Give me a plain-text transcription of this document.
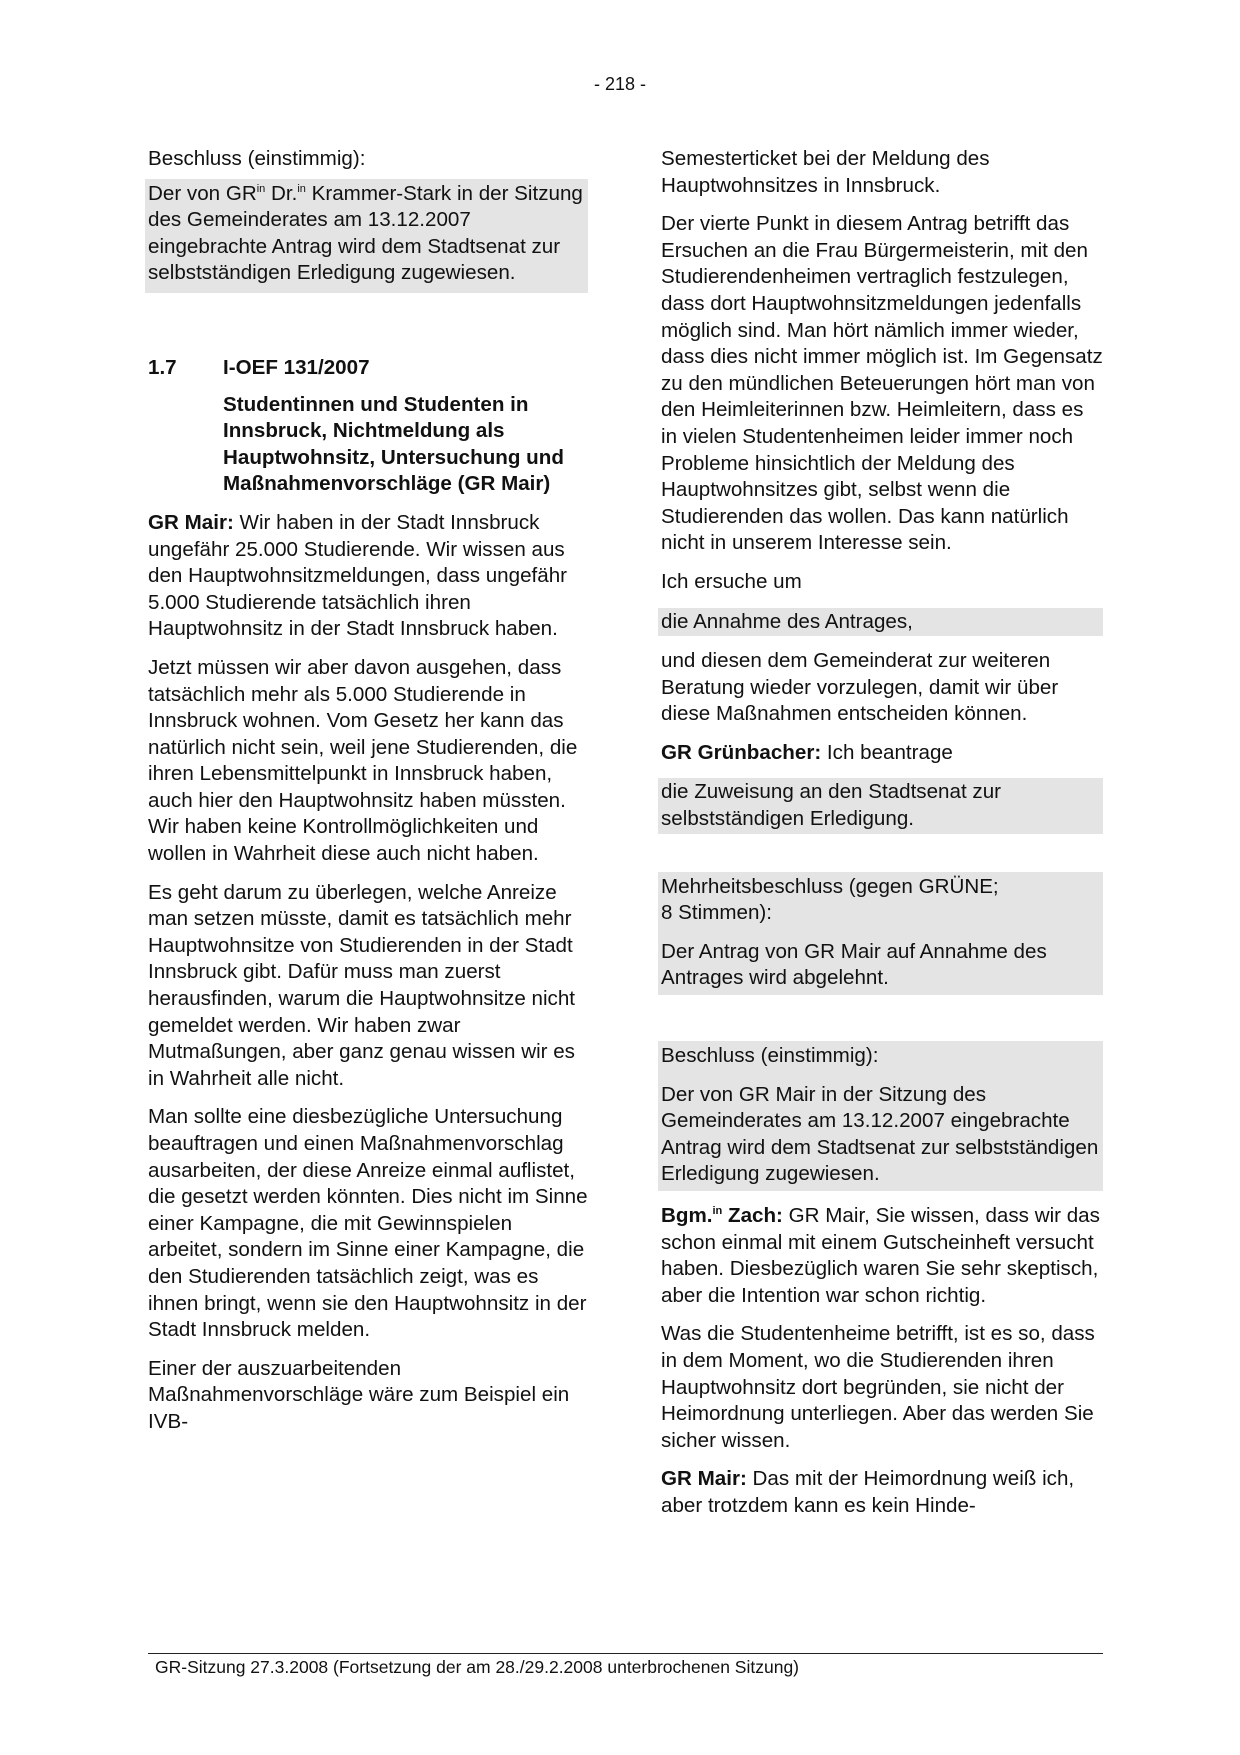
- 218 -

Beschluss (einstimmig):

Der von $GR^{in}$ Dr.$^{in}$ Krammer-Stark in der Sitzung des Gemeinderates am 13.12.2007 eingebrachte Antrag wird dem Stadtsenat zur selbstständigen Erledigung zugewiesen.

1.7	I-OEF 131/2007
Studentinnen und Studenten in Innsbruck, Nichtmeldung als Hauptwohnsitz, Untersuchung und Maßnahmenvorschläge (GR Mair)

GR Mair: Wir haben in der Stadt Innsbruck ungefähr 25.000 Studierende. Wir wissen aus den Hauptwohnsitzmeldungen, dass ungefähr 5.000 Studierende tatsächlich ihren Hauptwohnsitz in der Stadt Innsbruck haben.

Jetzt müssen wir aber davon ausgehen, dass tatsächlich mehr als 5.000 Studierende in Innsbruck wohnen. Vom Gesetz her kann das natürlich nicht sein, weil jene Studierenden, die ihren Lebensmittelpunkt in Innsbruck haben, auch hier den Hauptwohnsitz haben müssten. Wir haben keine Kontrollmöglichkeiten und wollen in Wahrheit diese auch nicht haben.

Es geht darum zu überlegen, welche Anreize man setzen müsste, damit es tatsächlich mehr Hauptwohnsitze von Studierenden in der Stadt Innsbruck gibt. Dafür muss man zuerst herausfinden, warum die Hauptwohnsitze nicht gemeldet werden. Wir haben zwar Mutmaßungen, aber ganz genau wissen wir es in Wahrheit alle nicht.

Man sollte eine diesbezügliche Untersuchung beauftragen und einen Maßnahmenvorschlag ausarbeiten, der diese Anreize einmal auflistet, die gesetzt werden könnten. Dies nicht im Sinne einer Kampagne, die mit Gewinnspielen arbeitet, sondern im Sinne einer Kampagne, die den Studierenden tatsächlich zeigt, was es ihnen bringt, wenn sie den Hauptwohnsitz in der Stadt Innsbruck melden.

Einer der auszuarbeitenden Maßnahmenvorschläge wäre zum Beispiel ein IVB-

Semesterticket bei der Meldung des Hauptwohnsitzes in Innsbruck.

Der vierte Punkt in diesem Antrag betrifft das Ersuchen an die Frau Bürgermeisterin, mit den Studierendenheimen vertraglich festzulegen, dass dort Hauptwohnsitzmeldungen jedenfalls möglich sind. Man hört nämlich immer wieder, dass dies nicht immer möglich ist. Im Gegensatz zu den mündlichen Beteuerungen hört man von den Heimleiterinnen bzw. Heimleitern, dass es in vielen Studentenheimen leider immer noch Probleme hinsichtlich der Meldung des Hauptwohnsitzes gibt, selbst wenn die Studierenden das wollen. Das kann natürlich nicht in unserem Interesse sein.

Ich ersuche um

die Annahme des Antrages,

und diesen dem Gemeinderat zur weiteren Beratung wieder vorzulegen, damit wir über diese Maßnahmen entscheiden können.

GR Grünbacher: Ich beantrage

die Zuweisung an den Stadtsenat zur selbstständigen Erledigung.

Mehrheitsbeschluss (gegen GRÜNE;
8 Stimmen):

Der Antrag von GR Mair auf Annahme des Antrages wird abgelehnt.

Beschluss (einstimmig):

Der von GR Mair in der Sitzung des Gemeinderates am 13.12.2007 eingebrachte Antrag wird dem Stadtsenat zur selbstständigen Erledigung zugewiesen.

Bgm.$^{in}$ Zach: GR Mair, Sie wissen, dass wir das schon einmal mit einem Gutscheinheft versucht haben. Diesbezüglich waren Sie sehr skeptisch, aber die Intention war schon richtig.

Was die Studentenheime betrifft, ist es so, dass in dem Moment, wo die Studierenden ihren Hauptwohnsitz dort begründen, sie nicht der Heimordnung unterliegen. Aber das werden Sie sicher wissen.

GR Mair: Das mit der Heimordnung weiß ich, aber trotzdem kann es kein Hinde-

GR-Sitzung 27.3.2008 (Fortsetzung der am 28./29.2.2008 unterbrochenen Sitzung)
